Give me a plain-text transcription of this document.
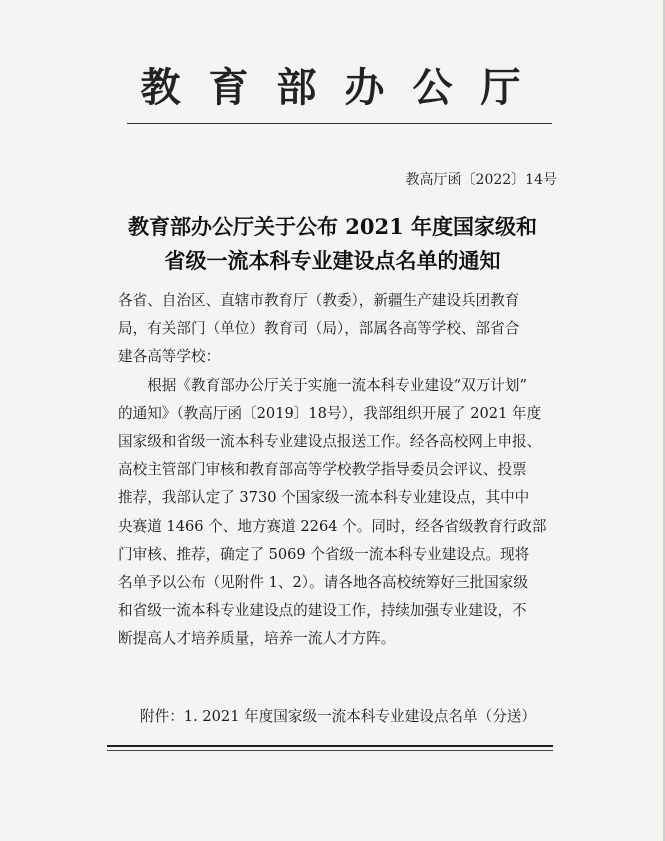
教育部办公厅
教高厅函〔2022〕14号
教育部办公厅关于公布 2021 年度国家级和
省级一流本科专业建设点名单的通知
各省、自治区、直辖市教育厅（教委），新疆生产建设兵团教育
局，有关部门（单位）教育司（局），部属各高等学校、部省合
建各高等学校：
　　根据《教育部办公厅关于实施一流本科专业建设“双万计划”
的通知》（教高厅函〔2019〕18号），我部组织开展了 2021 年度
国家级和省级一流本科专业建设点报送工作。经各高校网上申报、
高校主管部门审核和教育部高等学校教学指导委员会评议、投票
推荐，我部认定了 3730 个国家级一流本科专业建设点，其中中
央赛道 1466 个、地方赛道 2264 个。同时，经各省级教育行政部
门审核、推荐，确定了 5069 个省级一流本科专业建设点。现将
名单予以公布（见附件 1、2）。请各地各高校统筹好三批国家级
和省级一流本科专业建设点的建设工作，持续加强专业建设，不
断提高人才培养质量，培养一流人才方阵。
附件：1. 2021 年度国家级一流本科专业建设点名单（分送）
